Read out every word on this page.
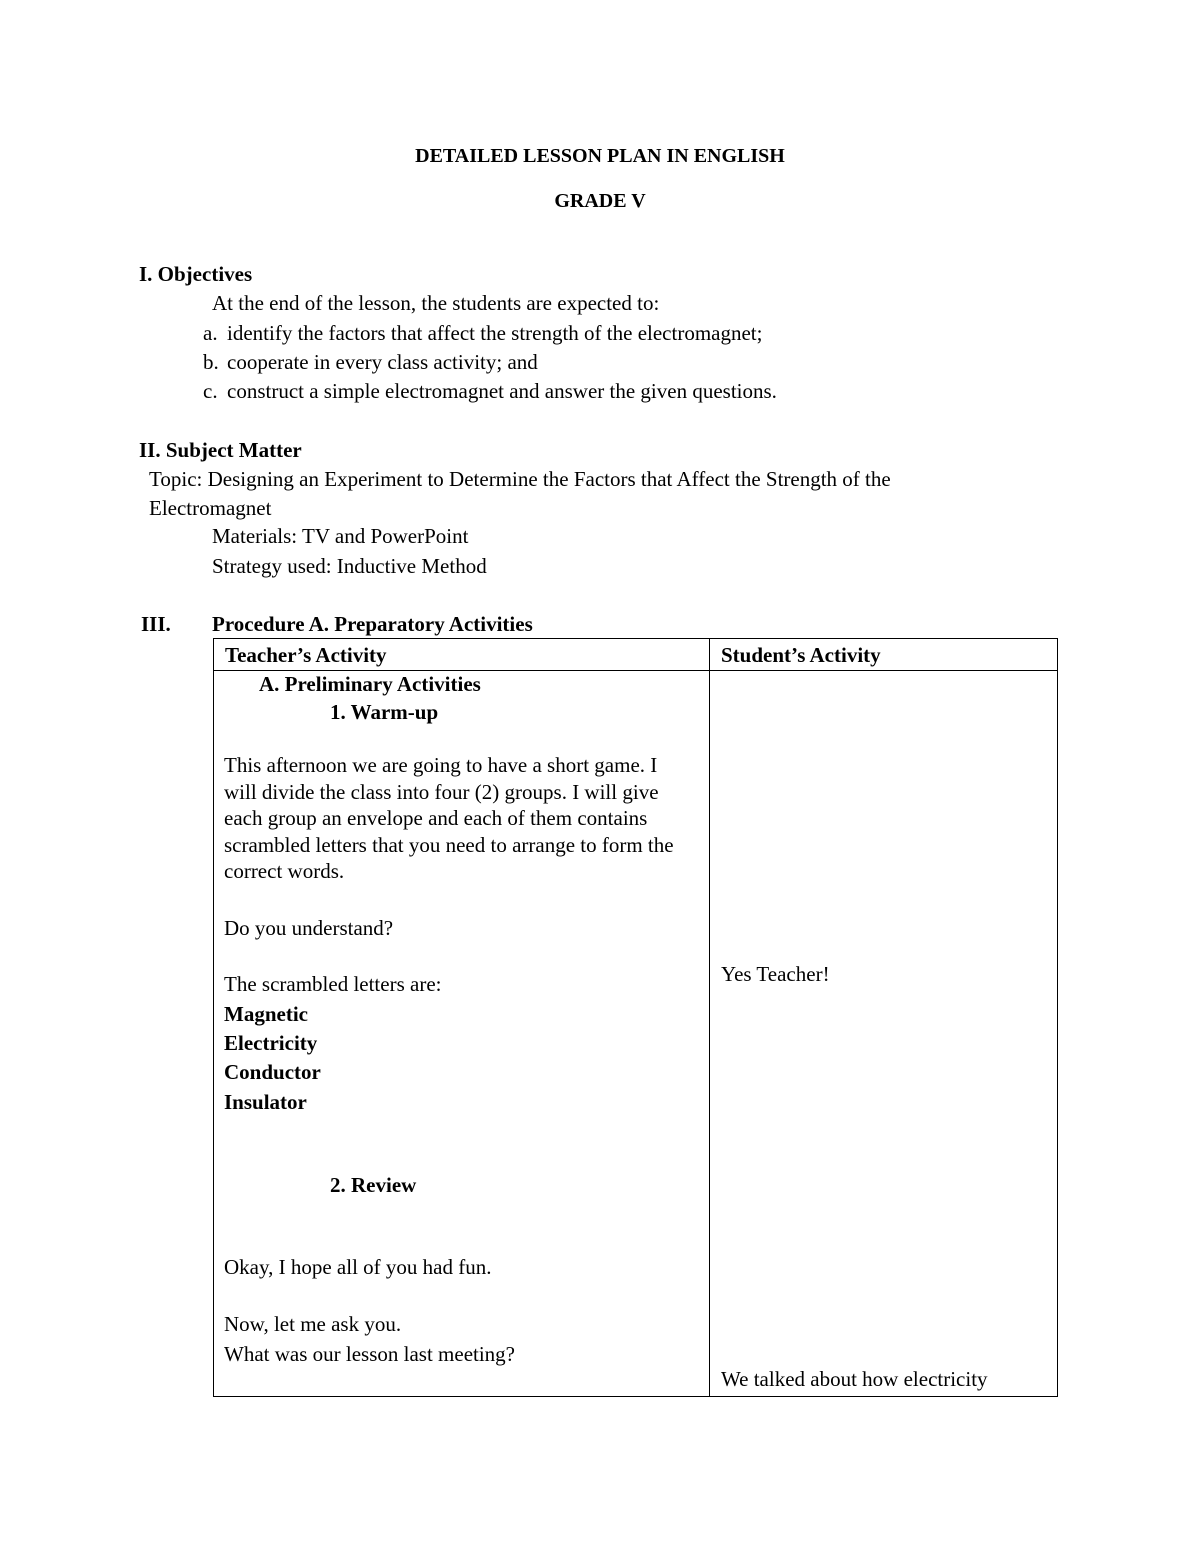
DETAILED LESSON PLAN IN ENGLISH
GRADE V
I. Objectives
At the end of the lesson, the students are expected to:
a. identify the factors that affect the strength of the electromagnet;
b. cooperate in every class activity; and
c. construct a simple electromagnet and answer the given questions.
II. Subject Matter
Topic: Designing an Experiment to Determine the Factors that Affect the Strength of the
Electromagnet
Materials: TV and PowerPoint
Strategy used: Inductive Method
III. Procedure A. Preparatory Activities
Teacher’s Activity	Student’s Activity
A. Preliminary Activities
1. Warm-up
This afternoon we are going to have a short game. I will divide the class into four (2) groups. I will give each group an envelope and each of them contains scrambled letters that you need to arrange to form the correct words.
Do you understand?
The scrambled letters are:
Magnetic
Electricity
Conductor
Insulator
2. Review
Okay, I hope all of you had fun.
Now, let me ask you.
What was our lesson last meeting?
Yes Teacher!
We talked about how electricity
